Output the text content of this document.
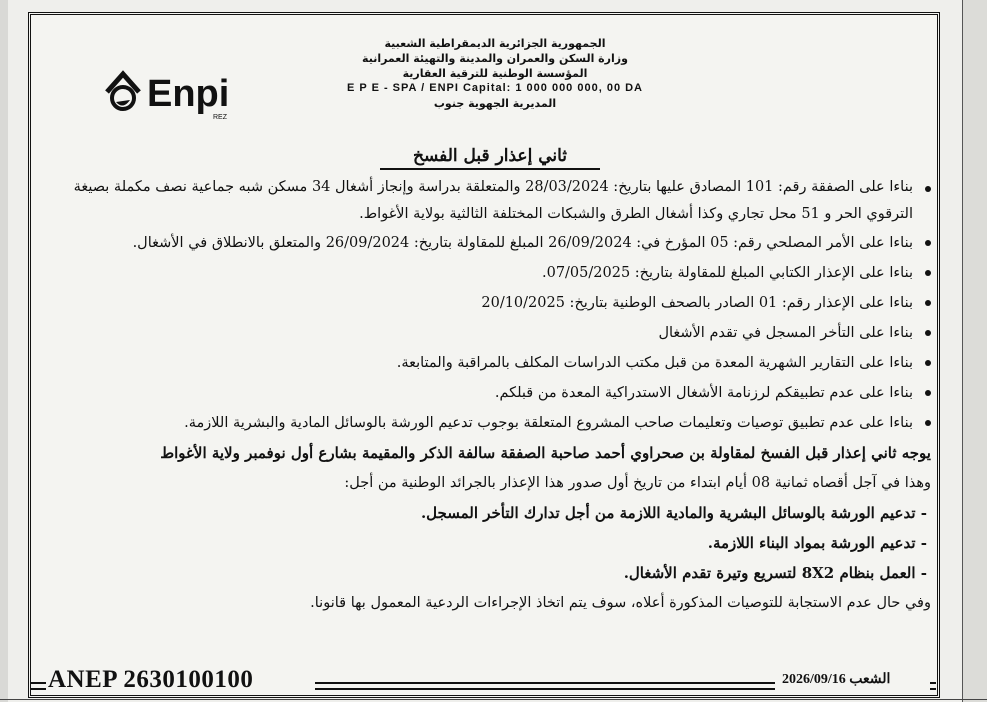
Enpi
REZ
الجمهورية الجزائرية الديمقراطية الشعبية
وزارة السكن والعمران والمدينة والتهيئة العمرانية
المؤسسة الوطنية للترقية العقارية
E P E - SPA / ENPI Capital: 1 000 000 000, 00 DA
المديرية الجهوية جنوب
ثاني إعذار قبل الفسخ
بناءا على الصفقة رقم: 101 المصادق عليها بتاريخ: 28/03/2024 والمتعلقة بدراسة وإنجاز أشغال 34 مسكن شبه جماعية نصف مكملة بصيغة الترقوي الحر و 51 محل تجاري وكذا أشغال الطرق والشبكات المختلفة الثالثية بولاية الأغواط.
بناءا على الأمر المصلحي رقم: 05 المؤرخ في: 26/09/2024 المبلغ للمقاولة بتاريخ: 26/09/2024 والمتعلق بالانطلاق في الأشغال.
بناءا على الإعذار الكتابي المبلغ للمقاولة بتاريخ: 07/05/2025.
بناءا على الإعذار رقم: 01 الصادر بالصحف الوطنية بتاريخ: 20/10/2025
بناءا على التأخر المسجل في تقدم الأشغال
بناءا على التقارير الشهرية المعدة من قبل مكتب الدراسات المكلف بالمراقبة والمتابعة.
بناءا على عدم تطبيقكم لرزنامة الأشغال الاستدراكية المعدة من قبلكم.
بناءا على عدم تطبيق توصيات وتعليمات صاحب المشروع المتعلقة بوجوب تدعيم الورشة بالوسائل المادية والبشرية اللازمة.
يوجه ثاني إعذار قبل الفسخ لمقاولة بن صحراوي أحمد صاحبة الصفقة سالفة الذكر والمقيمة بشارع أول نوفمبر ولاية الأغواط
وهذا في آجل أقصاه ثمانية 08 أيام ابتداء من تاريخ أول صدور هذا الإعذار بالجرائد الوطنية من أجل:
- تدعيم الورشة بالوسائل البشرية والمادية اللازمة من أجل تدارك التأخر المسجل.
- تدعيم الورشة بمواد البناء اللازمة.
- العمل بنظام 8X2 لتسريع وتيرة تقدم الأشغال.
وفي حال عدم الاستجابة للتوصيات المذكورة أعلاه، سوف يتم اتخاذ الإجراءات الردعية المعمول بها قانونا.
ANEP 2630100100	الشعب 2026/09/16
